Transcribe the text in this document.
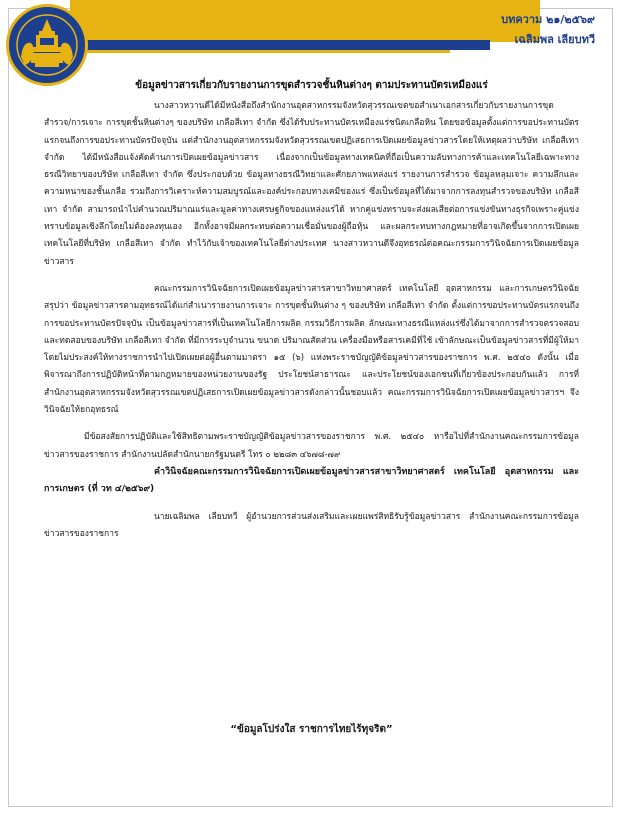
บทความ ๒๑/๒๕๖๙
เฉลิมพล เลียบทวี
ข้อมูลข่าวสารเกี่ยวกับรายงานการขุดสำรวจชั้นหินต่างๆ ตามประทานบัตรเหมืองแร่

นางสาวหวานดีได้มีหนังสือถึงสำนักงานอุตสาหกรรมจังหวัดสุวรรณเขตขอสำเนาเอกสารเกี่ยวกับรายงานการขุดสำรวจ/การเจาะ การขุดชั้นหินต่างๆ ของบริษัท เกลือสีเทา จำกัด ซึ่งได้รับประทานบัตรเหมืองแร่ชนิดเกลือหิน โดยขอข้อมูลตั้งแต่การขอประทานบัตรแรกจนถึงการขอประทานบัตรปัจจุบัน แต่สำนักงานอุตสาหกรรมจังหวัดสุวรรณเขตปฏิเสธการเปิดเผยข้อมูลข่าวสารโดยให้เหตุผลว่าบริษัท เกลือสีเทา จำกัด ได้มีหนังสือแจ้งคัดค้านการเปิดเผยข้อมูลข่าวสาร เนื่องจากเป็นข้อมูลทางเทคนิคที่ถือเป็นความลับทางการค้าและเทคโนโลยีเฉพาะทางธรณีวิทยาของบริษัท เกลือสีเทา จำกัด ซึ่งประกอบด้วย ข้อมูลทางธรณีวิทยาและศักยภาพแหล่งแร่ รายงานการสำรวจ ข้อมูลหลุมเจาะ ความลึกและความหนาของชั้นเกลือ รวมถึงการวิเคราะห์ความสมบูรณ์และองค์ประกอบทางเคมีของแร่ ซึ่งเป็นข้อมูลที่ได้มาจากการลงทุนสำรวจของบริษัท เกลือสีเทา จำกัด สามารถนำไปคำนวณปริมาณแร่และมูลค่าทางเศรษฐกิจของแหล่งแร่ได้ หากคู่แข่งทราบจะส่งผลเสียต่อการแข่งขันทางธุรกิจเพราะคู่แข่งทราบข้อมูลเชิงลึกโดยไม่ต้องลงทุนเอง อีกทั้งอาจมีผลกระทบต่อความเชื่อมั่นของผู้ถือหุ้น และผลกระทบทางกฎหมายที่อาจเกิดขึ้นจากการเปิดเผยเทคโนโลยีที่บริษัท เกลือสีเทา จำกัด ทำไว้กับเจ้าของเทคโนโลยีต่างประเทศ นางสาวหวานดีจึงอุทธรณ์ต่อคณะกรรมการวินิจฉัยการเปิดเผยข้อมูลข่าวสาร

คณะกรรมการวินิจฉัยการเปิดเผยข้อมูลข่าวสารสาขาวิทยาศาสตร์ เทคโนโลยี อุตสาหกรรม และการเกษตรวินิจฉัยสรุปว่า ข้อมูลข่าวสารตามอุทธรณ์ได้แก่สำเนารายงานการเจาะ การขุดชั้นหินต่าง ๆ ของบริษัท เกลือสีเทา จำกัด ตั้งแต่การขอประทานบัตรแรกจนถึงการขอประทานบัตรปัจจุบัน เป็นข้อมูลข่าวสารที่เป็นเทคโนโลยีการผลิต กรรมวิธีการผลิต ลักษณะทางธรณีแหล่งแร่ซึ่งได้มาจากการสำรวจตรวจสอบและทดสอบของบริษัท เกลือสีเทา จำกัด ที่มีการระบุจำนวน ขนาด ปริมาณสัดส่วน เครื่องมือหรือสารเคมีที่ใช้ เข้าลักษณะเป็นข้อมูลข่าวสารที่มีผู้ให้มาโดยไม่ประสงค์ให้ทางราชการนำไปเปิดเผยต่อผู้อื่นตามมาตรา ๑๕ (๖) แห่งพระราชบัญญัติข้อมูลข่าวสารของราชการ พ.ศ. ๒๕๔๐ ดังนั้น เมื่อพิจารณาถึงการปฏิบัติหน้าที่ตามกฎหมายของหน่วยงานของรัฐ ประโยชน์สาธารณะ และประโยชน์ของเอกชนที่เกี่ยวข้องประกอบกันแล้ว การที่สำนักงานอุตสาหกรรมจังหวัดสุวรรณเขตปฏิเสธการเปิดเผยข้อมูลข่าวสารดังกล่าวนั้นชอบแล้ว คณะกรรมการวินิจฉัยการเปิดเผยข้อมูลข่าวสารฯ จึงวินิจฉัยให้ยกอุทธรณ์

มีข้อสงสัยการปฏิบัติและใช้สิทธิตามพระราชบัญญัติข้อมูลข่าวสารของราชการ พ.ศ. ๒๕๔๐ หารือไปที่สำนักงานคณะกรรมการข้อมูลข่าวสารของราชการ สำนักงานปลัดสำนักนายกรัฐมนตรี โทร ๐ ๒๒๘๓ ๔๖๗๘-๗๙

คำวินิจฉัยคณะกรรมการวินิจฉัยการเปิดเผยข้อมูลข่าวสารสาขาวิทยาศาสตร์ เทคโนโลยี อุตสาหกรรม และการเกษตร (ที่ วท ๔/๒๕๖๙)

นายเฉลิมพล เลียบทวี ผู้อำนวยการส่วนส่งเสริมและเผยแพร่สิทธิรับรู้ข้อมูลข่าวสาร สำนักงานคณะกรรมการข้อมูลข่าวสารของราชการ

“ข้อมูลโปร่งใส ราชการไทยไร้ทุจริต”
